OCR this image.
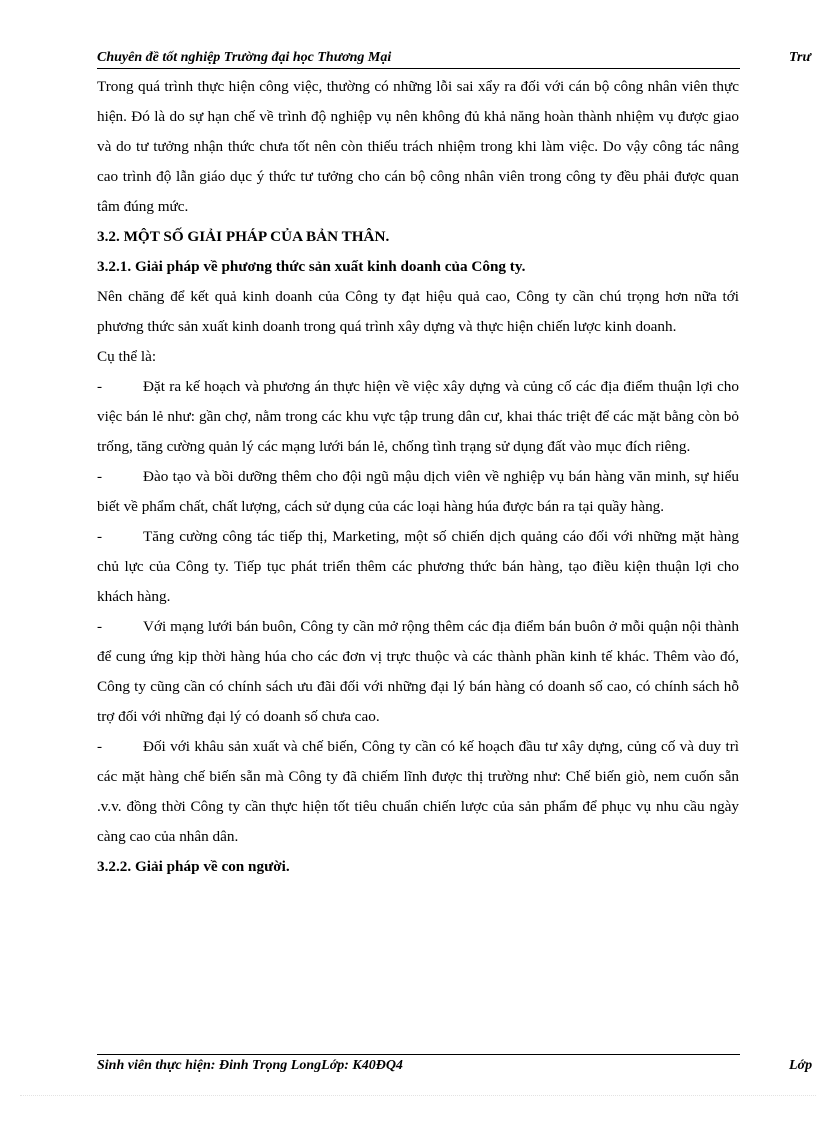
Chuyên đề tốt nghiệp Trường đại học Thương Mại	Trư

Trong quá trình thực hiện công việc, thường có những lỗi sai xẩy ra đối với cán bộ công nhân viên thực hiện. Đó là do sự hạn chế về trình độ nghiệp vụ nên không đủ khả năng hoàn thành nhiệm vụ được giao và do tư tưởng nhận thức chưa tốt nên còn thiếu trách nhiệm trong khi làm việc. Do vậy công tác nâng cao trình độ lẫn giáo dục ý thức tư tưởng cho cán bộ công nhân viên trong công ty đều phải được quan tâm đúng mức.

3.2. MỘT SỐ GIẢI PHÁP CỦA BẢN THÂN.

3.2.1. Giải pháp về phương thức sản xuất kinh doanh của Công ty.

Nên chăng để kết quả kinh doanh của Công ty đạt hiệu quả cao, Công ty cần chú trọng hơn nữa tới phương thức sản xuất kinh doanh trong quá trình xây dựng và thực hiện chiến lược kinh doanh.

Cụ thể là:

-	Đặt ra kế hoạch và phương án thực hiện về việc xây dựng và củng cố các địa điểm thuận lợi cho việc bán lẻ như: gần chợ, nằm trong các khu vực tập trung dân cư, khai thác triệt để các mặt bằng còn bỏ trống, tăng cường quản lý các mạng lưới bán lẻ, chống tình trạng sử dụng đất vào mục đích riêng.

-	Đào tạo và bồi dưỡng thêm cho đội ngũ mậu dịch viên về nghiệp vụ bán hàng văn minh, sự hiểu biết về phẩm chất, chất lượng, cách sử dụng của các loại hàng húa được bán ra tại quầy hàng.

-	Tăng cường công tác tiếp thị, Marketing, một số chiến dịch quảng cáo đối với những mặt hàng chủ lực của Công ty. Tiếp tục phát triển thêm các phương thức bán hàng, tạo điều kiện thuận lợi cho khách hàng.

-	Với mạng lưới bán buôn, Công ty cần mở rộng thêm các địa điểm bán buôn ở mỗi quận nội thành để cung ứng kịp thời hàng húa cho các đơn vị trực thuộc và các thành phần kinh tế khác. Thêm vào đó, Công ty cũng cần có chính sách ưu đãi đối với những đại lý bán hàng có doanh số cao, có chính sách hỗ trợ đối với những đại lý có doanh số chưa cao.

-	Đối với khâu sản xuất và chế biến, Công ty cần có kế hoạch đầu tư xây dựng, củng cố và duy trì các mặt hàng chế biến sẵn mà Công ty đã chiếm lĩnh được thị trường như: Chế biến giò, nem cuốn sẵn .v.v. đồng thời Công ty cần thực hiện tốt tiêu chuẩn chiến lược của sản phẩm để phục vụ nhu cầu ngày càng cao của nhân dân.

3.2.2. Giải pháp về con người.

Sinh viên thực hiện: Đinh Trọng LongLớp: K40ĐQ4	Lớp
